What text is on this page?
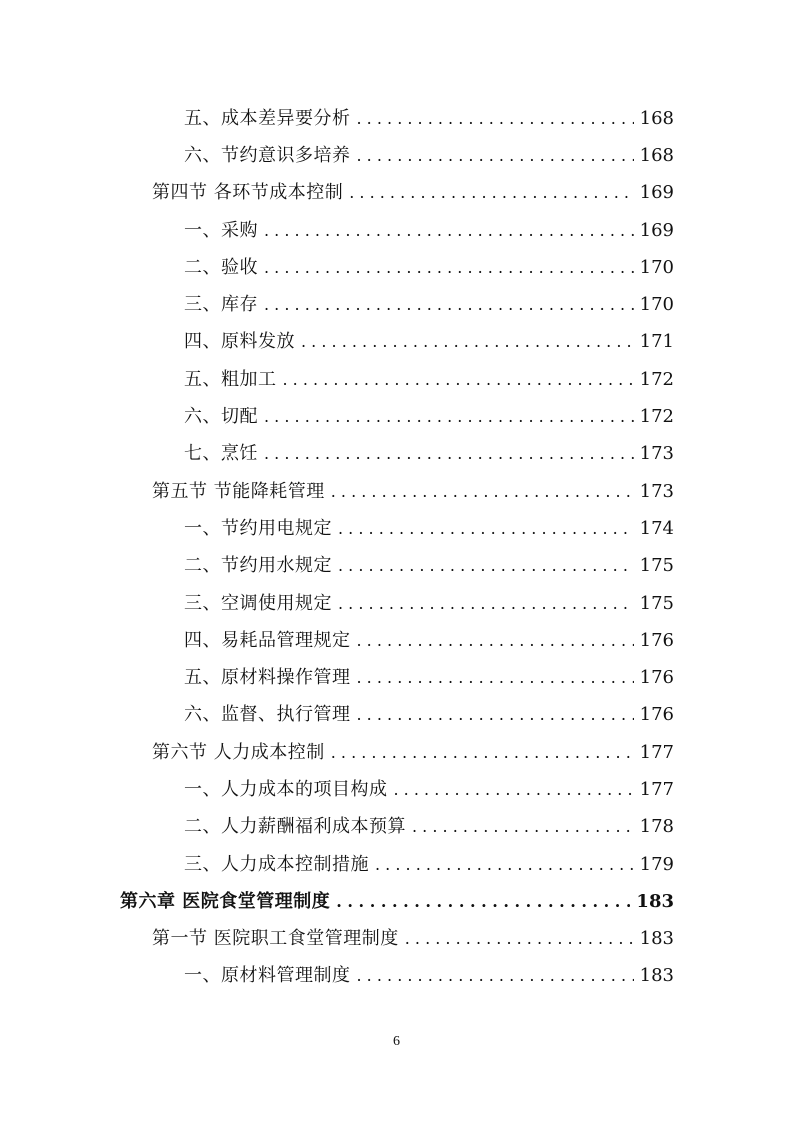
五、成本差异要分析 . . .	168
六、节约意识多培养 . . .	168
第四节 各环节成本控制 . . .	169
一、采购 . . .	169
二、验收 . . .	170
三、库存 . . .	170
四、原料发放 . . .	171
五、粗加工 . . .	172
六、切配 . . .	172
七、烹饪 . . .	173
第五节 节能降耗管理 . . .	173
一、节约用电规定 . . .	174
二、节约用水规定 . . .	175
三、空调使用规定 . . .	175
四、易耗品管理规定 . . .	176
五、原材料操作管理 . . .	176
六、监督、执行管理 . . .	176
第六节 人力成本控制 . . .	177
一、人力成本的项目构成 . . .	177
二、人力薪酬福利成本预算 . . .	178
三、人力成本控制措施 . . .	179
第六章 医院食堂管理制度 . . .	183
第一节 医院职工食堂管理制度 . . .	183
一、原材料管理制度 . . .	183
6
